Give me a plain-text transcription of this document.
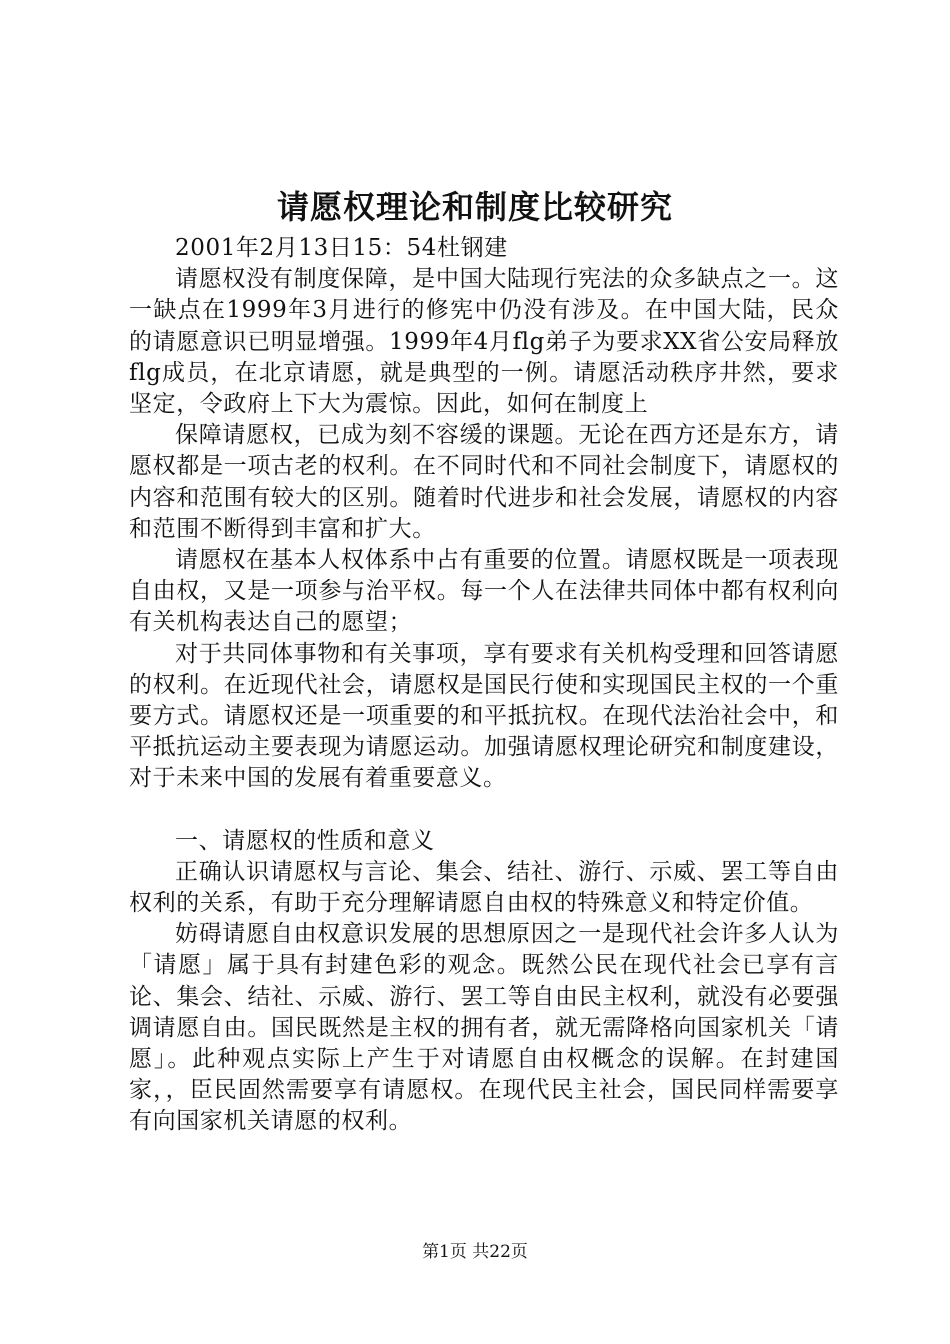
请愿权理论和制度比较研究

2001年2月13日15：54杜钢建

请愿权没有制度保障，是中国大陆现行宪法的众多缺点之一。这一缺点在1999年3月进行的修宪中仍没有涉及。在中国大陆，民众的请愿意识已明显增强。1999年4月flg弟子为要求XX省公安局释放flg成员，在北京请愿，就是典型的一例。请愿活动秩序井然，要求坚定，令政府上下大为震惊。因此，如何在制度上

保障请愿权，已成为刻不容缓的课题。无论在西方还是东方，请愿权都是一项古老的权利。在不同时代和不同社会制度下，请愿权的内容和范围有较大的区别。随着时代进步和社会发展，请愿权的内容和范围不断得到丰富和扩大。

请愿权在基本人权体系中占有重要的位置。请愿权既是一项表现自由权，又是一项参与治平权。每一个人在法律共同体中都有权利向有关机构表达自己的愿望；

对于共同体事物和有关事项，享有要求有关机构受理和回答请愿的权利。在近现代社会，请愿权是国民行使和实现国民主权的一个重要方式。请愿权还是一项重要的和平抵抗权。在现代法治社会中，和平抵抗运动主要表现为请愿运动。加强请愿权理论研究和制度建设，对于未来中国的发展有着重要意义。

一、请愿权的性质和意义

正确认识请愿权与言论、集会、结社、游行、示威、罢工等自由权利的关系，有助于充分理解请愿自由权的特殊意义和特定价值。

妨碍请愿自由权意识发展的思想原因之一是现代社会许多人认为「请愿」属于具有封建色彩的观念。既然公民在现代社会已享有言论、集会、结社、示威、游行、罢工等自由民主权利，就没有必要强调请愿自由。国民既然是主权的拥有者，就无需降格向国家机关「请愿」。此种观点实际上产生于对请愿自由权概念的误解。在封建国家，，臣民固然需要享有请愿权。在现代民主社会，国民同样需要享有向国家机关请愿的权利。

第1页 共22页
